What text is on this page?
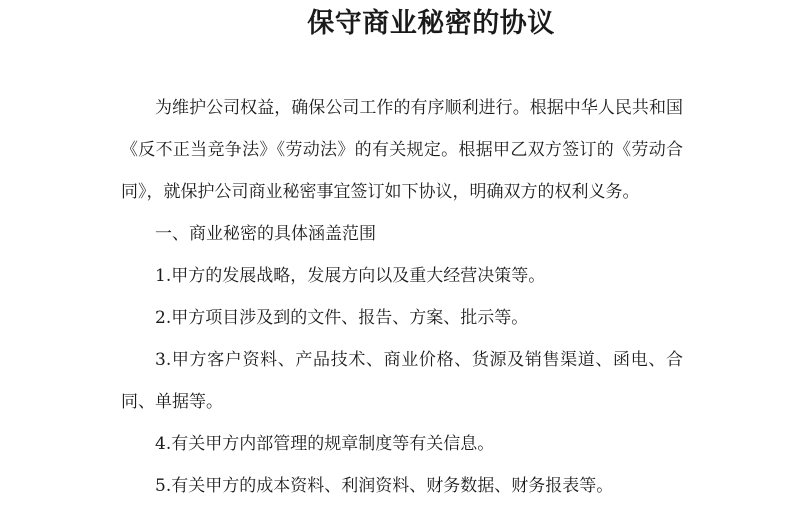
保守商业秘密的协议

为维护公司权益，确保公司工作的有序顺利进行。根据中华人民共和国《反不正当竞争法》《劳动法》的有关规定。根据甲乙双方签订的《劳动合同》，就保护公司商业秘密事宜签订如下协议，明确双方的权利义务。

一、商业秘密的具体涵盖范围

1.甲方的发展战略，发展方向以及重大经营决策等。

2.甲方项目涉及到的文件、报告、方案、批示等。

3.甲方客户资料、产品技术、商业价格、货源及销售渠道、函电、合同、单据等。

4.有关甲方内部管理的规章制度等有关信息。

5.有关甲方的成本资料、利润资料、财务数据、财务报表等。
